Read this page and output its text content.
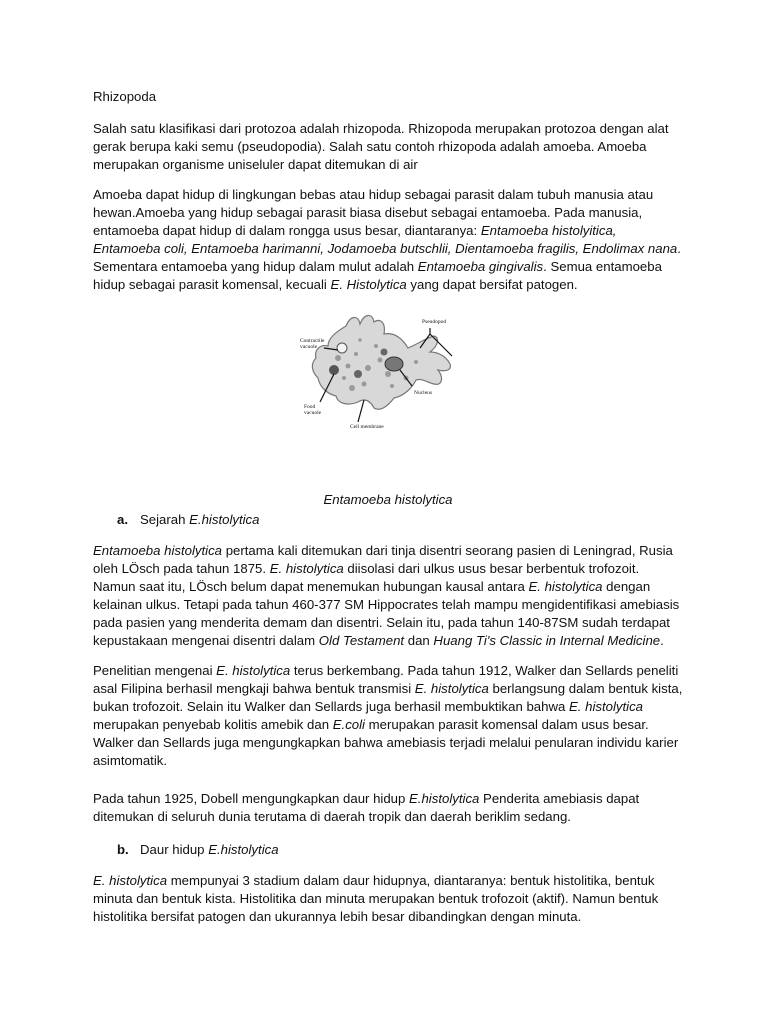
Rhizopoda

Salah satu klasifikasi dari protozoa adalah rhizopoda. Rhizopoda merupakan protozoa dengan alat gerak berupa kaki semu (pseudopodia). Salah satu contoh rhizopoda adalah amoeba. Amoeba merupakan organisme uniseluler dapat ditemukan di air

Amoeba dapat hidup di lingkungan bebas atau hidup sebagai parasit dalam tubuh manusia atau hewan.Amoeba yang hidup sebagai parasit biasa disebut sebagai entamoeba. Pada manusia, entamoeba dapat hidup di dalam rongga usus besar, diantaranya: Entamoeba histolyitica, Entamoeba coli, Entamoeba harimanni, Jodamoeba butschlii, Dientamoeba fragilis, Endolimax nana. Sementara entamoeba yang hidup dalam mulut adalah Entamoeba gingivalis. Semua entamoeba hidup sebagai parasit komensal, kecuali E. Histolytica yang dapat bersifat patogen.

Contractile
vacuole
Pseudopod
Nucleus
Food
vacuole
Cell membrane

Entamoeba histolytica

a. Sejarah E.histolytica

Entamoeba histolytica pertama kali ditemukan dari tinja disentri seorang pasien di Leningrad, Rusia oleh LÖsch pada tahun 1875. E. histolytica diisolasi dari ulkus usus besar berbentuk trofozoit. Namun saat itu, LÖsch belum dapat menemukan hubungan kausal antara E. histolytica dengan kelainan ulkus. Tetapi pada tahun 460-377 SM Hippocrates telah mampu mengidentifikasi amebiasis pada pasien yang menderita demam dan disentri. Selain itu, pada tahun 140-87SM sudah terdapat kepustakaan mengenai disentri dalam Old Testament dan Huang Ti's Classic in Internal Medicine.

Penelitian mengenai E. histolytica terus berkembang. Pada tahun 1912, Walker dan Sellards peneliti asal Filipina berhasil mengkaji bahwa bentuk transmisi E. histolytica berlangsung dalam bentuk kista, bukan trofozoit. Selain itu Walker dan Sellards juga berhasil membuktikan bahwa E. histolytica merupakan penyebab kolitis amebik dan E.coli merupakan parasit komensal dalam usus besar. Walker dan Sellards juga mengungkapkan bahwa amebiasis terjadi melalui penularan individu karier asimtomatik.

Pada tahun 1925, Dobell mengungkapkan daur hidup E.histolytica Penderita amebiasis dapat ditemukan di seluruh dunia terutama di daerah tropik dan daerah beriklim sedang.

b. Daur hidup E.histolytica

E. histolytica mempunyai 3 stadium dalam daur hidupnya, diantaranya: bentuk histolitika, bentuk minuta dan bentuk kista. Histolitika dan minuta merupakan bentuk trofozoit (aktif). Namun bentuk histolitika bersifat patogen dan ukurannya lebih besar dibandingkan dengan minuta.
